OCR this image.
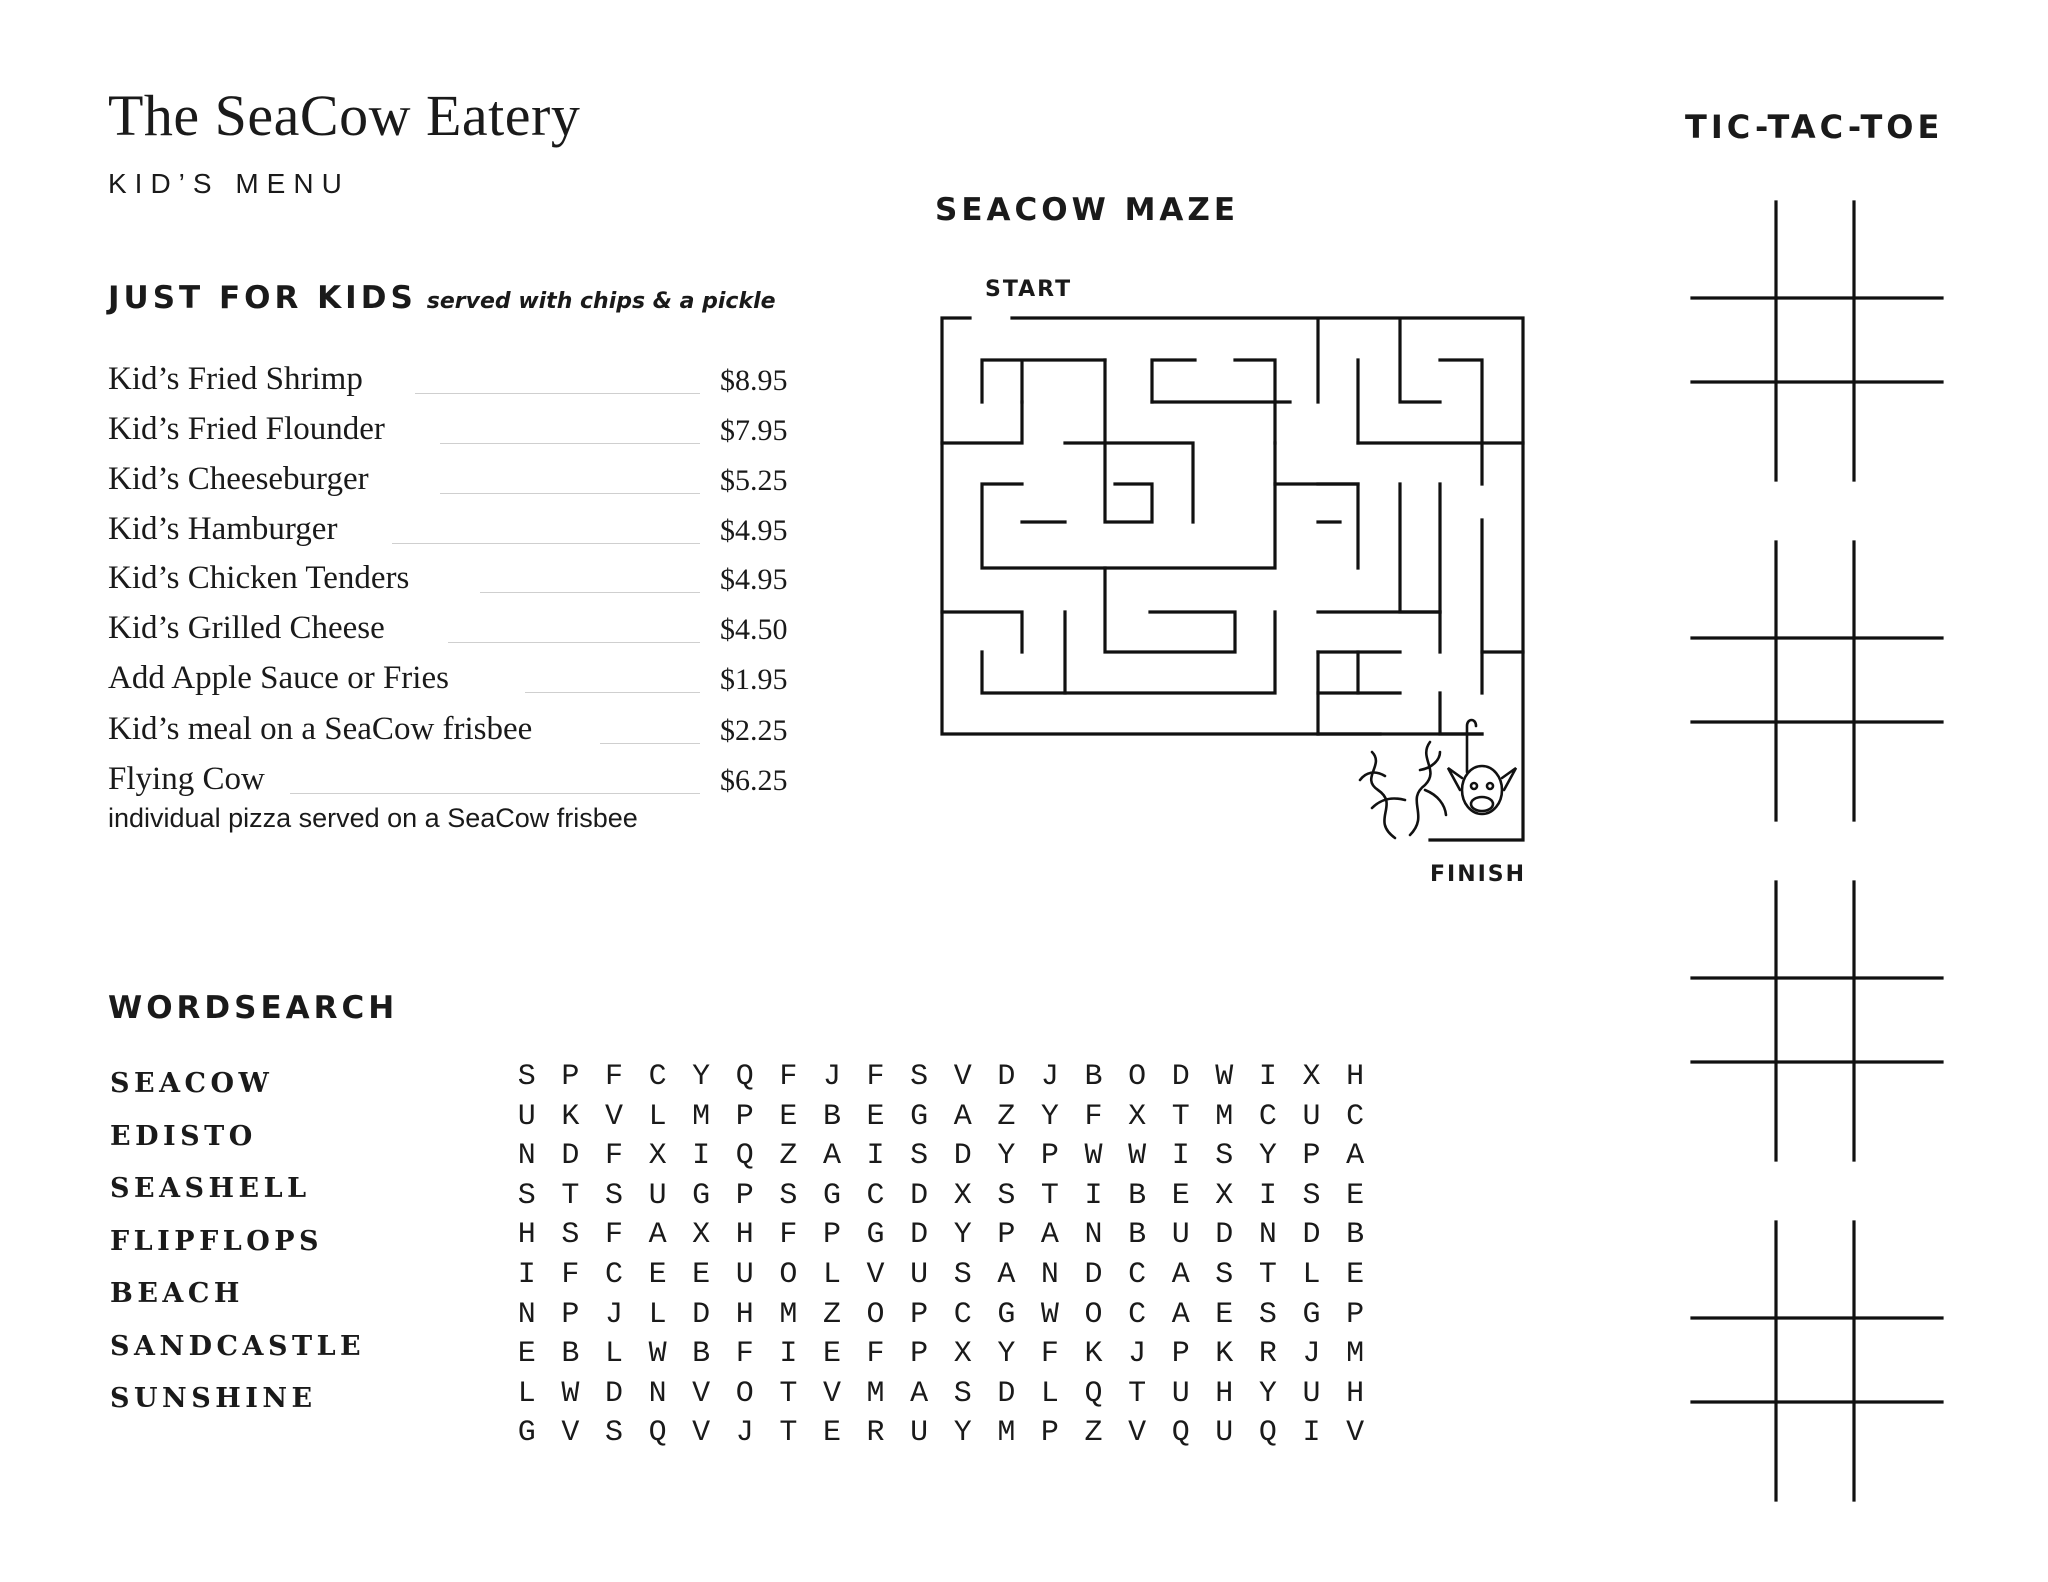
The SeaCow Eatery
KID’S MENU
JUST FOR KIDS served with chips & a pickle
Kid’s Fried Shrimp	$8.95
Kid’s Fried Flounder	$7.95
Kid’s Cheeseburger	$5.25
Kid’s Hamburger	$4.95
Kid’s Chicken Tenders	$4.95
Kid’s Grilled Cheese	$4.50
Add Apple Sauce or Fries	$1.95
Kid’s meal on a SeaCow frisbee	$2.25
Flying Cow	$6.25
individual pizza served on a SeaCow frisbee
SEACOW MAZE
START
FINISH
TIC-TAC-TOE
WORDSEARCH
SEACOW
EDISTO
SEASHELL
FLIPFLOPS
BEACH
SANDCASTLE
SUNSHINE
S P F C Y Q F J F S V D J B O D W I X H
U K V L M P E B E G A Z Y F X T M C U C
N D F X I Q Z A I S D Y P W W I S Y P A
S T S U G P S G C D X S T I B E X I S E
H S F A X H F P G D Y P A N B U D N D B
I F C E E U O L V U S A N D C A S T L E
N P J L D H M Z O P C G W O C A E S G P
E B L W B F I E F P X Y F K J P K R J M
L W D N V O T V M A S D L Q T U H Y U H
G V S Q V J T E R U Y M P Z V Q U Q I V
